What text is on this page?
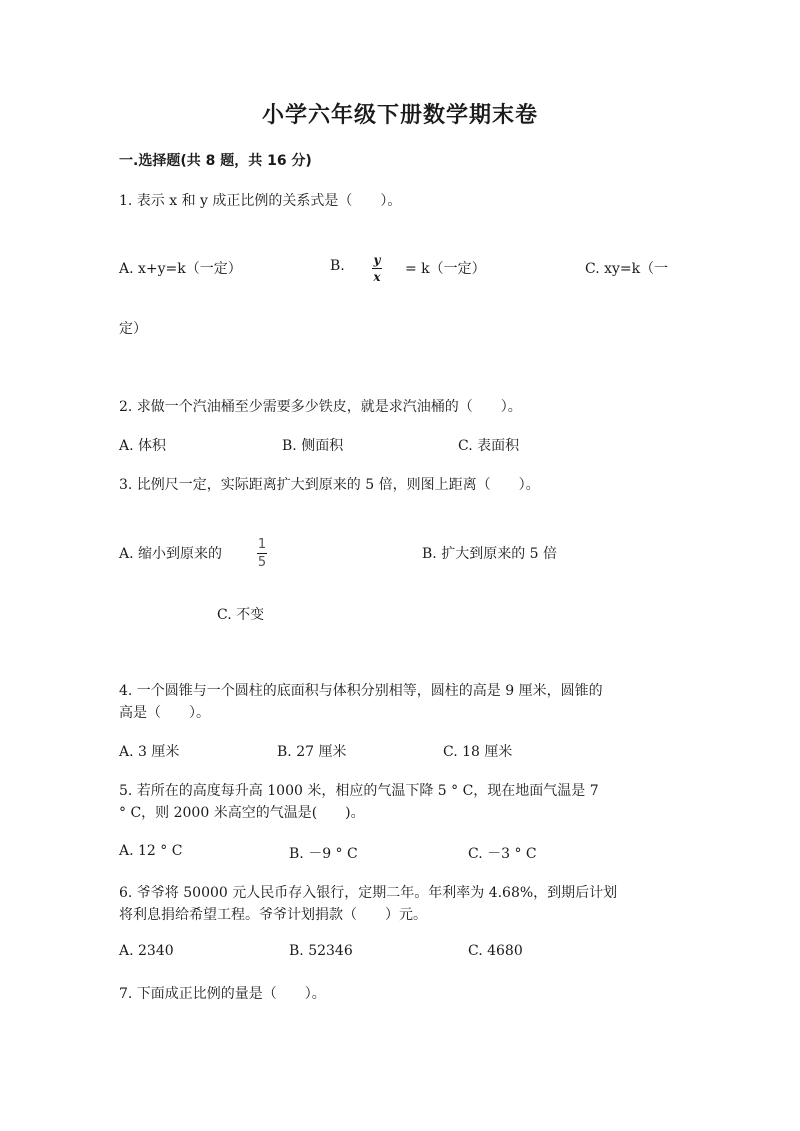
小学六年级下册数学期末卷
一.选择题(共 8 题，共 16 分)
1. 表示 x 和 y 成正比例的关系式是（　　）。
A. x+y=k（一定）	B. y
x = k（一定）	C. xy=k（一
定）
2. 求做一个汽油桶至少需要多少铁皮，就是求汽油桶的（　　）。
A. 体积	B. 侧面积	C. 表面积
3. 比例尺一定，实际距离扩大到原来的 5 倍，则图上距离（　　）。
A. 缩小到原来的
1
5
B. 扩大到原来的 5 倍
C. 不变
4. 一个圆锥与一个圆柱的底面积与体积分别相等，圆柱的高是 9 厘米，圆锥的
高是（　　）。
A. 3 厘米	B. 27 厘米	C. 18 厘米
5. 若所在的高度每升高 1000 米，相应的气温下降 5 ° C，现在地面气温是 7
° C，则 2000 米高空的气温是(　　)。
A. 12 ° C	B. －9 ° C	C. －3 ° C
6. 爷爷将 50000 元人民币存入银行，定期二年。年利率为 4.68%，到期后计划
将利息捐给希望工程。爷爷计划捐款（　　）元。
A. 2340	B. 52346	C. 4680
7. 下面成正比例的量是（　　）。
